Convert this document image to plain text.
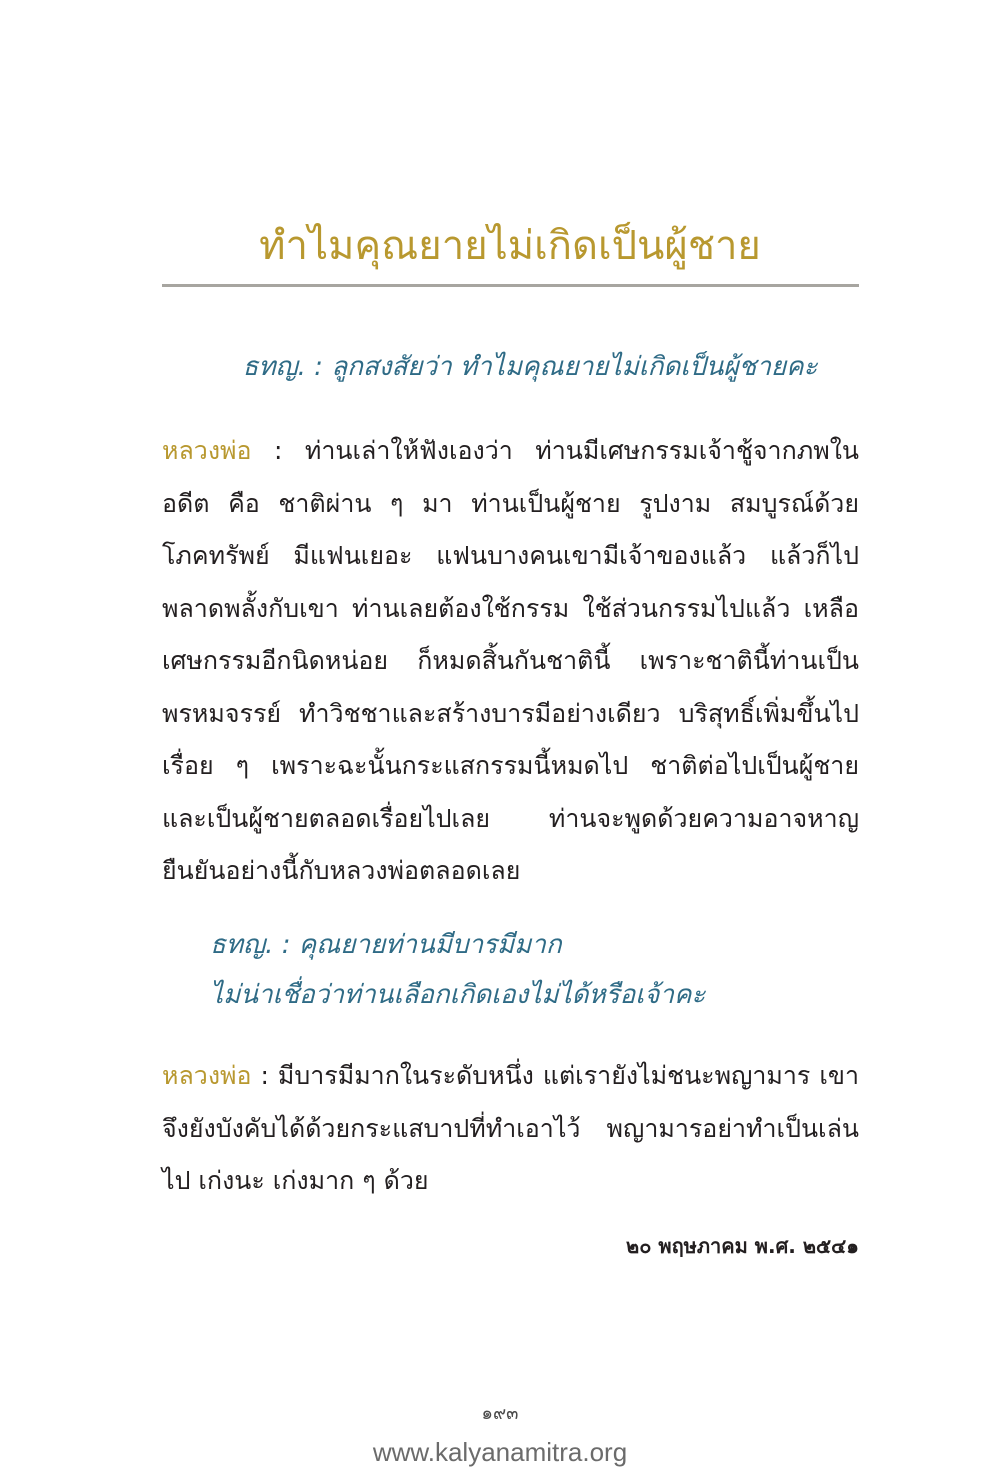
ทำไมคุณยายไม่เกิดเป็นผู้ชาย

ธทญ. : ลูกสงสัยว่า ทำไมคุณยายไม่เกิดเป็นผู้ชายคะ

หลวงพ่อ : ท่านเล่าให้ฟังเองว่า ท่านมีเศษกรรมเจ้าชู้จากภพในอดีต คือ ชาติผ่าน ๆ มา ท่านเป็นผู้ชาย รูปงาม สมบูรณ์ด้วยโภคทรัพย์ มีแฟนเยอะ แฟนบางคนเขามีเจ้าของแล้ว แล้วก็ไปพลาดพลั้งกับเขา ท่านเลยต้องใช้กรรม ใช้ส่วนกรรมไปแล้ว เหลือเศษกรรมอีกนิดหน่อย ก็หมดสิ้นกันชาตินี้ เพราะชาตินี้ท่านเป็นพรหมจรรย์ ทำวิชชาและสร้างบารมีอย่างเดียว บริสุทธิ์เพิ่มขึ้นไปเรื่อย ๆ เพราะฉะนั้นกระแสกรรมนี้หมดไป ชาติต่อไปเป็นผู้ชายและเป็นผู้ชายตลอดเรื่อยไปเลย ท่านจะพูดด้วยความอาจหาญยืนยันอย่างนี้กับหลวงพ่อตลอดเลย

ธทญ. : คุณยายท่านมีบารมีมาก
ไม่น่าเชื่อว่าท่านเลือกเกิดเองไม่ได้หรือเจ้าคะ

หลวงพ่อ : มีบารมีมากในระดับหนึ่ง แต่เรายังไม่ชนะพญามาร เขาจึงยังบังคับได้ด้วยกระแสบาปที่ทำเอาไว้ พญามารอย่าทำเป็นเล่นไป เก่งนะ เก่งมาก ๆ ด้วย

๒๐ พฤษภาคม พ.ศ. ๒๕๔๑

๑๙๓

www.kalyanamitra.org
